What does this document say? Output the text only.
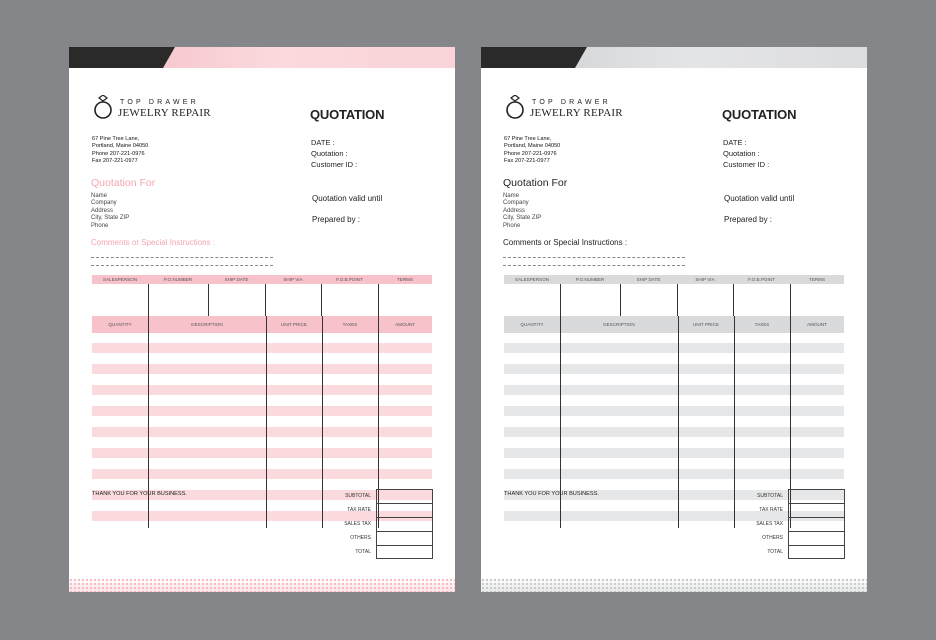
TOP DRAWER
JEWELRY REPAIR
67 Pine Tree Lane,
Portland, Maine 04050
Phone 207-221-0976
Fax 207-221-0977
QUOTATION
DATE :
Quotation :
Customer ID :
Quotation valid until
Prepared by :
Quotation For
Name
Company
Address
City, State ZIP
Phone
Comments or Special Instructions :
SALESPERSON	P.O.NUMBER	SHIP DATE	SHIP VIA	F.O.B.POINT	TERMS
QUANTITY	DESCRIPTION	UNIT PRICE	TAXES	AMOUNT
THANK YOU FOR YOUR BUSINESS.	SUBTOTAL
TAX RATE
SALES TAX
OTHERS
TOTAL
TOP DRAWER
JEWELRY REPAIR
67 Pine Tree Lane,
Portland, Maine 04050
Phone 207-221-0976
Fax 207-221-0977
QUOTATION
DATE :
Quotation :
Customer ID :
Quotation valid until
Prepared by :
Quotation For
Name
Company
Address
City, State ZIP
Phone
Comments or Special Instructions :
SALESPERSON	P.O.NUMBER	SHIP DATE	SHIP VIA	F.O.B.POINT	TERMS
QUANTITY	DESCRIPTION	UNIT PRICE	TAXES	AMOUNT
THANK YOU FOR YOUR BUSINESS.	SUBTOTAL
TAX RATE
SALES TAX
OTHERS
TOTAL
